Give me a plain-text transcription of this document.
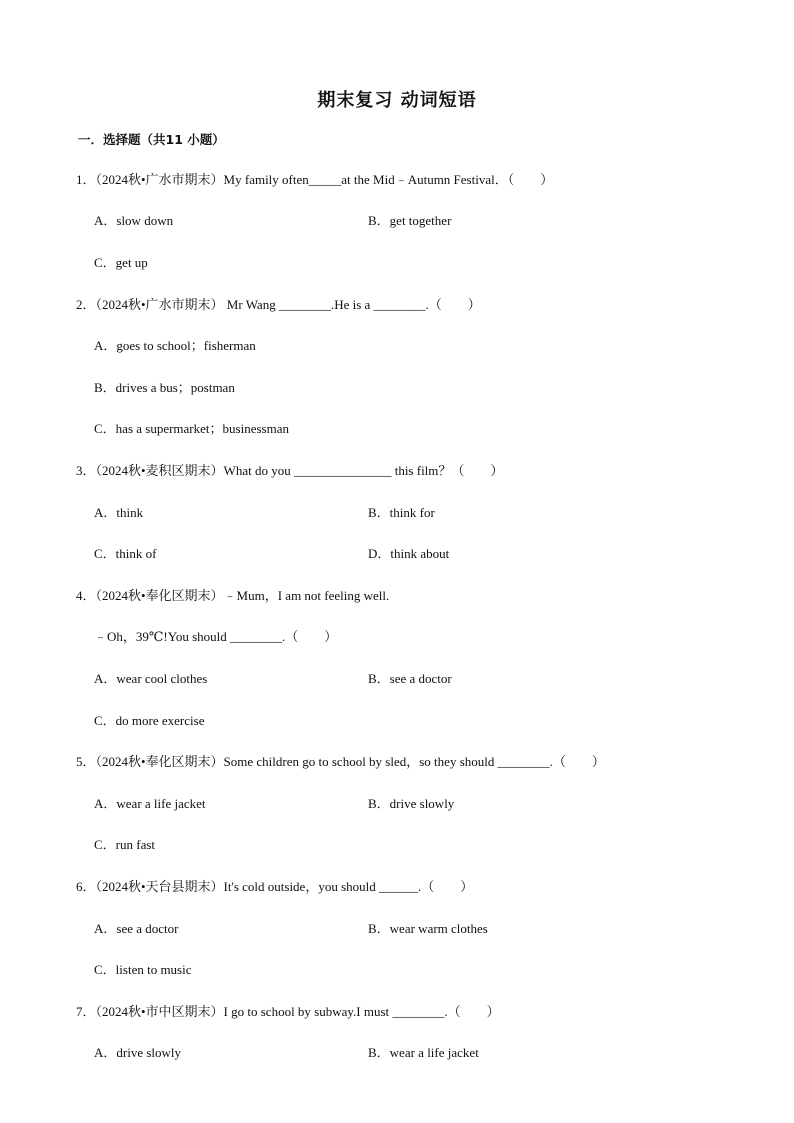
期末复习 动词短语
一．选择题（共11 小题）
1．（2024秋•广水市期末）My family often_____at the Mid﹣Autumn Festival．（　　）
A．slow down	B．get together
C．get up
2．（2024秋•广水市期末） Mr Wang ________.He is a ________.（　　）
A．goes to school；fisherman
B．drives a bus；postman
C．has a supermarket；businessman
3．（2024秋•麦积区期末）What do you _______________ this film？（　　）
A．think	B．think for
C．think of	D．think about
4．（2024秋•奉化区期末）﹣Mum，I am not feeling well.
﹣Oh，39℃!You should ________.（　　）
A．wear cool clothes	B．see a doctor
C．do more exercise
5．（2024秋•奉化区期末）Some children go to school by sled，so they should ________.（　　）
A．wear a life jacket	B．drive slowly
C．run fast
6．（2024秋•天台县期末）It's cold outside，you should ______.（　　）
A．see a doctor	B．wear warm clothes
C．listen to music
7．（2024秋•市中区期末）I go to school by subway.I must ________.（　　）
A．drive slowly	B．wear a life jacket
